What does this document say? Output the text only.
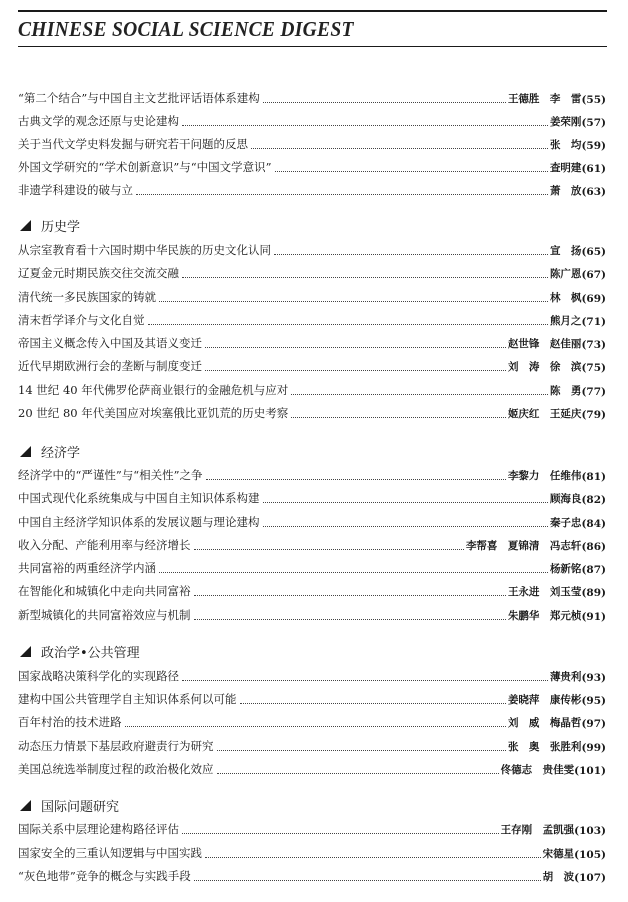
CHINESE SOCIAL SCIENCE DIGEST
“第二个结合”与中国自主文艺批评话语体系建构	王德胜　李　雷 (55)
古典文学的观念还原与史论建构	姜荣刚 (57)
关于当代文学史料发掘与研究若干问题的反思	张　均 (59)
外国文学研究的“学术创新意识”与“中国文学意识”	查明建 (61)
非遗学科建设的破与立	萧　放 (63)
历史学
从宗室教育看十六国时期中华民族的历史文化认同	宣　扬 (65)
辽夏金元时期民族交往交流交融	陈广恩 (67)
清代统一多民族国家的铸就	林　枫 (69)
清末哲学译介与文化自觉	熊月之 (71)
帝国主义概念传入中国及其语义变迁	赵世锋　赵佳丽 (73)
近代早期欧洲行会的垄断与制度变迁	刘　涛　徐　滨 (75)
14 世纪 40 年代佛罗伦萨商业银行的金融危机与应对	陈　勇 (77)
20 世纪 80 年代美国应对埃塞俄比亚饥荒的历史考察	姬庆红　王延庆 (79)
经济学
经济学中的“严谨性”与“相关性”之争	李黎力　任维伟 (81)
中国式现代化系统集成与中国自主知识体系构建	顾海良 (82)
中国自主经济学知识体系的发展议题与理论建构	秦子忠 (84)
收入分配、产能利用率与经济增长	李帮喜　夏锦清　冯志轩 (86)
共同富裕的两重经济学内涵	杨新铭 (87)
在智能化和城镇化中走向共同富裕	王永进　刘玉莹 (89)
新型城镇化的共同富裕效应与机制	朱鹏华　郑元桢 (91)
政治学•公共管理
国家战略决策科学化的实现路径	薄贵利 (93)
建构中国公共管理学自主知识体系何以可能	姜晓萍　康传彬 (95)
百年村治的技术进路	刘　威　梅晶哲 (97)
动态压力情景下基层政府避责行为研究	张　奥　张胜利 (99)
美国总统选举制度过程的政治极化效应	佟德志　贵佳雯 (101)
国际问题研究
国际关系中层理论建构路径评估	王存刚　孟凯强 (103)
国家安全的三重认知逻辑与中国实践	宋德星 (105)
“灰色地带”竞争的概念与实践手段	胡　波 (107)
